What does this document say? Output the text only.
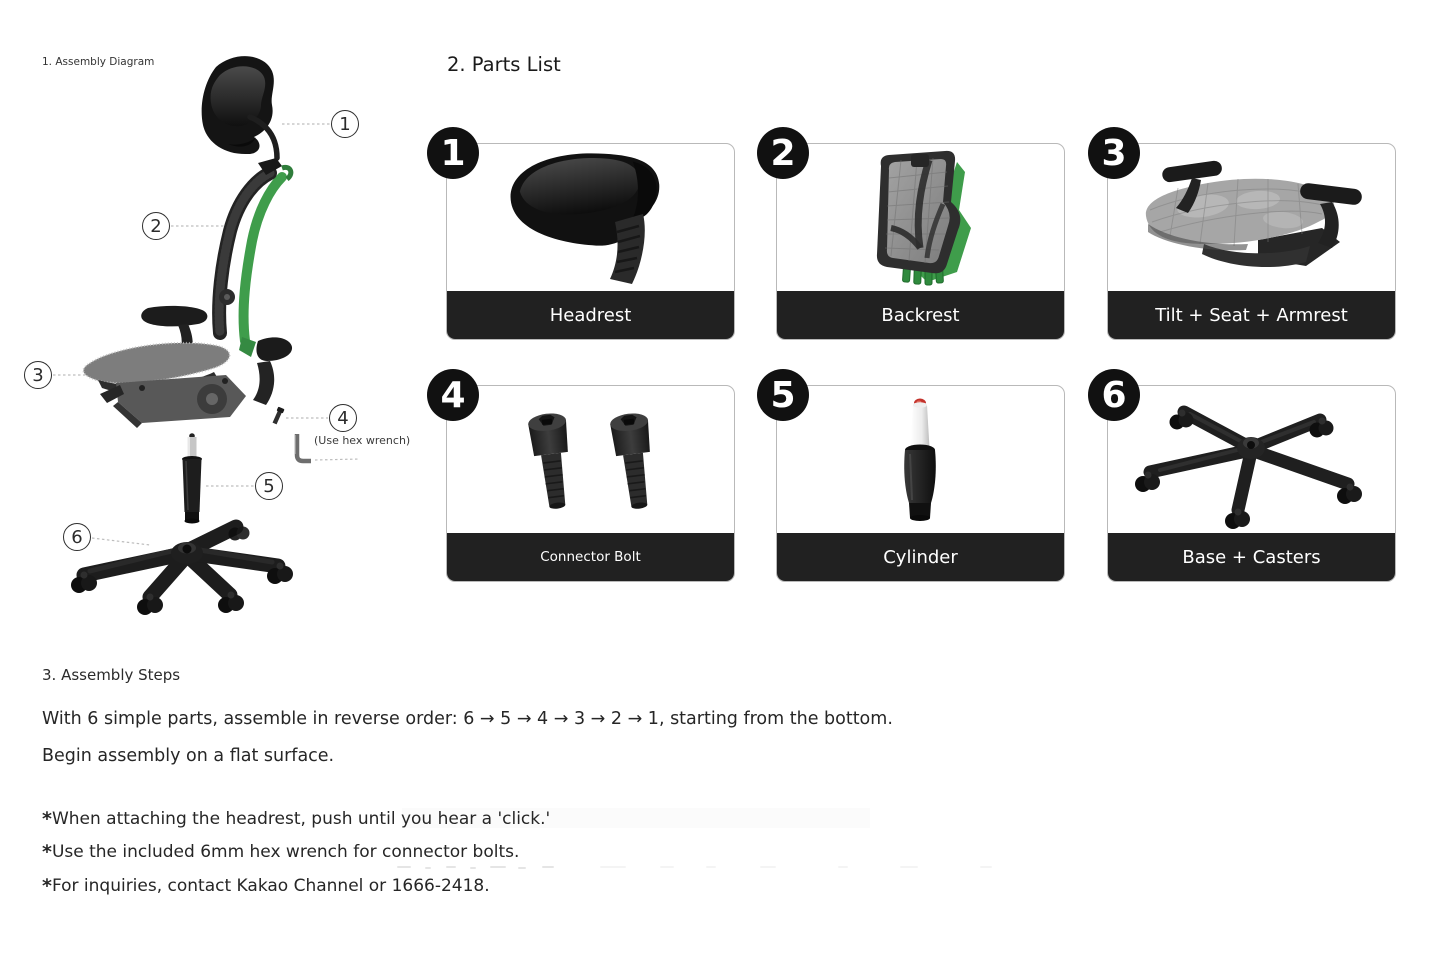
1. Assembly Diagram
1
2
3
4
5
6
(Use hex wrench)
2. Parts List
1
Headrest
2
Backrest
3
Tilt + Seat + Armrest
4
Connector Bolt
5
Cylinder
6
Base + Casters
3. Assembly Steps

With 6 simple parts, assemble in reverse order: 6 → 5 → 4 → 3 → 2 → 1, starting from the bottom.

Begin assembly on a flat surface.

*When attaching the headrest, push until you hear a 'click.'

*Use the included 6mm hex wrench for connector bolts.

*For inquiries, contact Kakao Channel or 1666-2418.
